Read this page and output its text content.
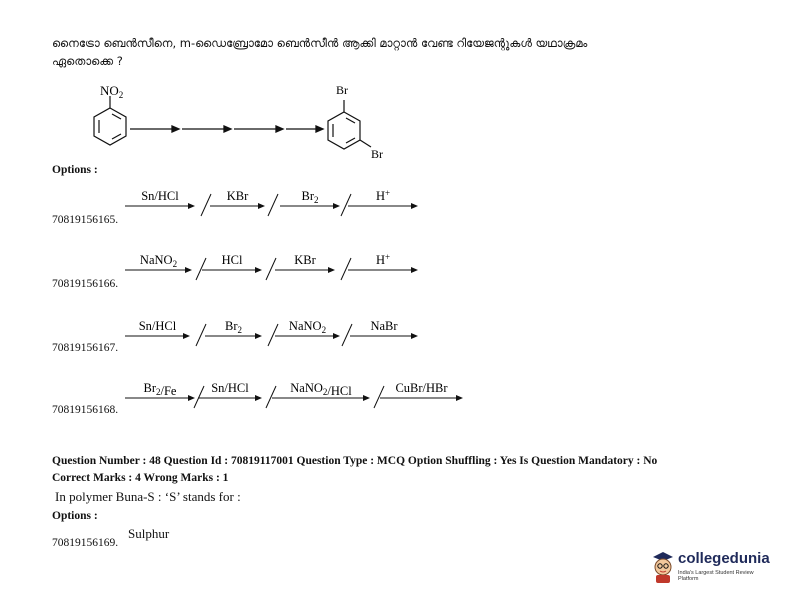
നൈട്രോ ബെൻസീനെ, m-ഡൈബ്രോമോ ബെൻസീൻ ആക്കി മാറ്റാൻ വേണ്ട റിയേജന്റുകൾ യഥാക്രമം ഏതൊക്കെ ?
$NO_2$	Br
Br
Options :
70819156165.
Sn/HCl	KBr	$Br_2$	H+
70819156166.
NaNO$_2$	HCl	KBr	H+
70819156167.
Sn/HCl	$Br_2$	NaNO$_2$	NaBr
70819156168.
$Br_2/Fe$	Sn/HCl	NaNO$_2$/HCl	CuBr/HBr
Question Number : 48 Question Id : 70819117001 Question Type : MCQ Option Shuffling : Yes Is Question Mandatory : No
Correct Marks : 4 Wrong Marks : 1
In polymer Buna-S : ‘S’ stands for :
Options :
70819156169.
Sulphur
collegedunia
India's Largest Student Review Platform
